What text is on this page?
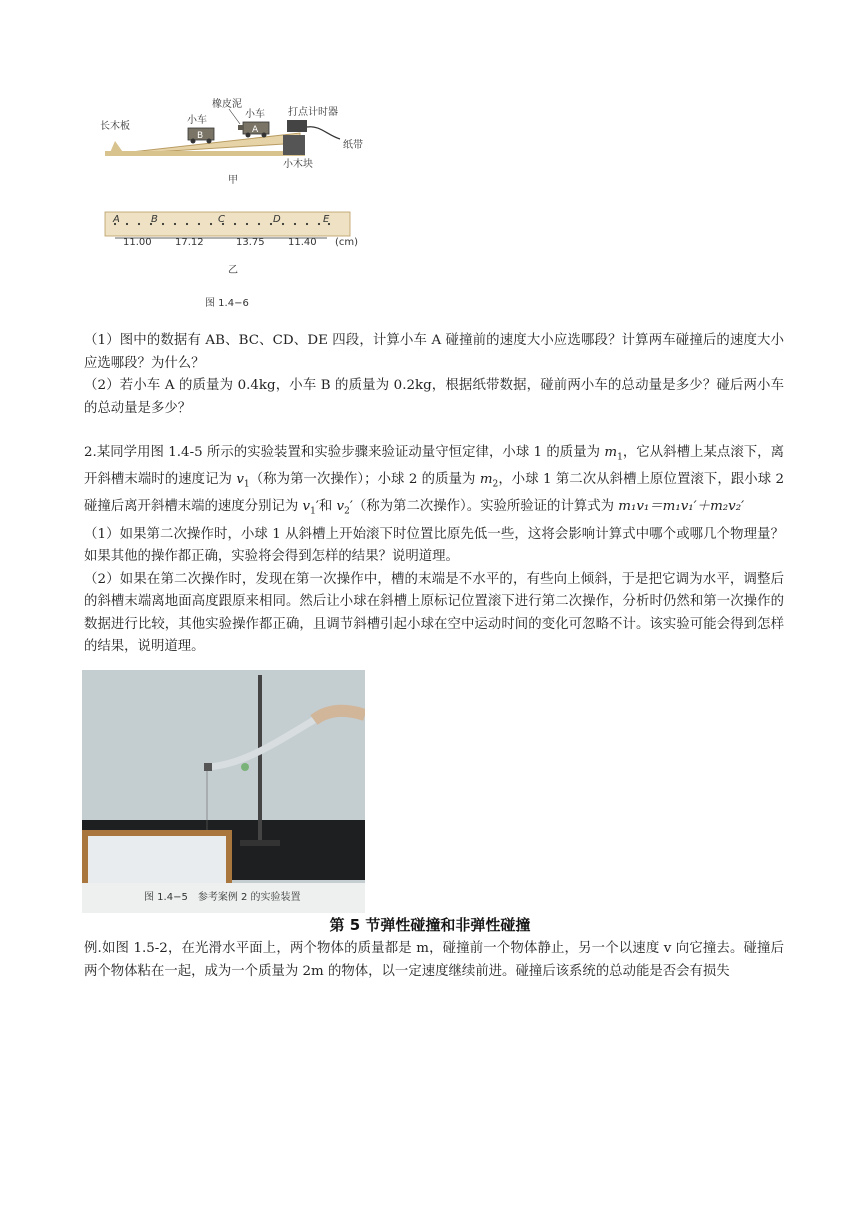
长木板
小车
B
橡皮泥
小车
A
打点计时器
纸带
小木块
甲
A	B	C	D	E
11.00 17.12	13.75 11.40 (cm)
乙
图 1.4−6

（1）图中的数据有 AB、BC、CD、DE 四段，计算小车 A 碰撞前的速度大小应选哪段？计算两车碰撞后的速度大小应选哪段？为什么？

（2）若小车 A 的质量为 0.4kg，小车 B 的质量为 0.2kg，根据纸带数据，碰前两小车的总动量是多少？碰后两小车的总动量是多少？

2.某同学用图 1.4-5 所示的实验装置和实验步骤来验证动量守恒定律，小球 1 的质量为 $m_1$，它从斜槽上某点滚下，离开斜槽末端时的速度记为 $v_1$（称为第一次操作）；小球 2 的质量为 $m_2$，小球 1 第二次从斜槽上原位置滚下，跟小球 2 碰撞后离开斜槽末端的速度分别记为 $v_1'$和 $v_2'$（称为第二次操作）。实验所验证的计算式为 m₁v₁＝m₁v₁′＋m₂v₂′

（1）如果第二次操作时，小球 1 从斜槽上开始滚下时位置比原先低一些，这将会影响计算式中哪个或哪几个物理量？如果其他的操作都正确，实验将会得到怎样的结果？说明道理。

（2）如果在第二次操作时，发现在第一次操作中，槽的末端是不水平的，有些向上倾斜，于是把它调为水平，调整后的斜槽末端离地面高度跟原来相同。然后让小球在斜槽上原标记位置滚下进行第二次操作，分析时仍然和第一次操作的数据进行比较，其他实验操作都正确，且调节斜槽引起小球在空中运动时间的变化可忽略不计。该实验可能会得到怎样的结果，说明道理。

图 1.4−5　参考案例 2 的实验装置
第 5 节弹性碰撞和非弹性碰撞

例.如图 1.5-2，在光滑水平面上，两个物体的质量都是 m，碰撞前一个物体静止，另一个以速度 v 向它撞去。碰撞后两个物体粘在一起，成为一个质量为 2m 的物体，以一定速度继续前进。碰撞后该系统的总动能是否会有损失
